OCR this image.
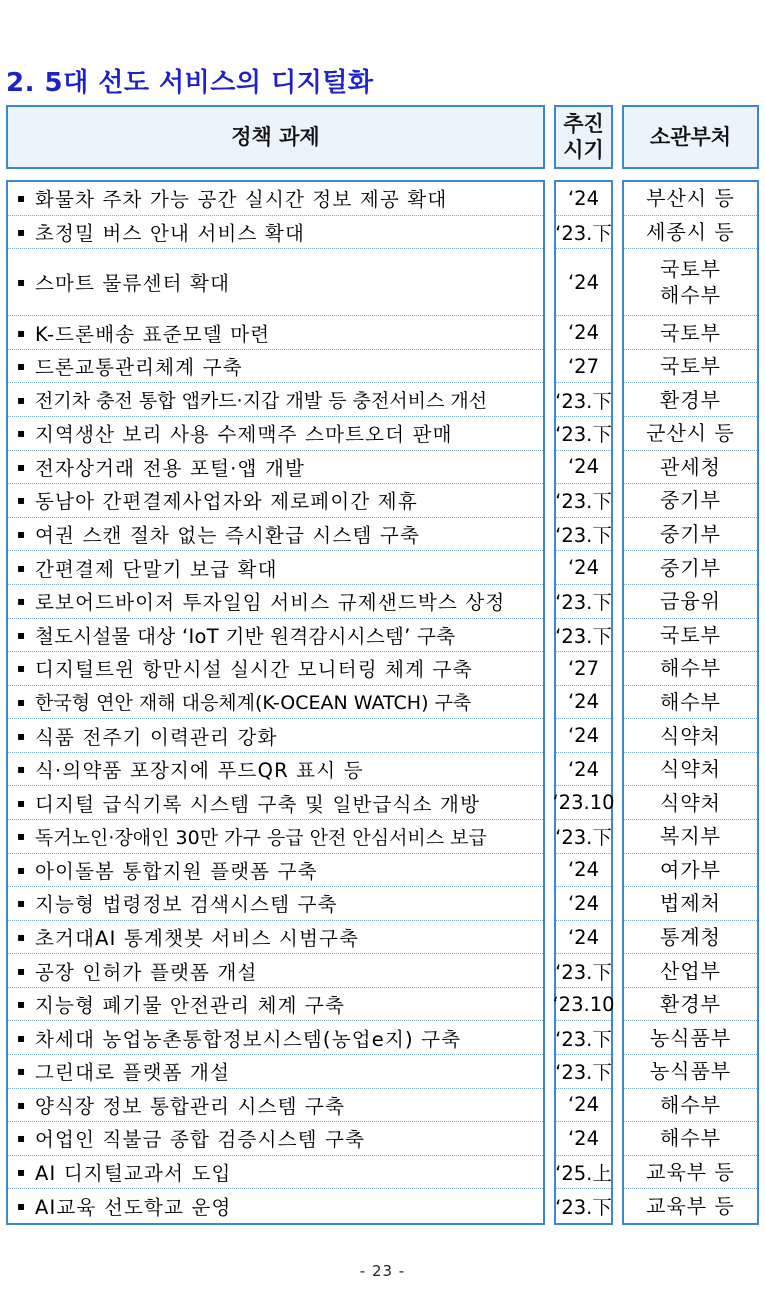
2. 5대 선도 서비스의 디지털화
정책 과제
추진
시기
소관부처
▪ 화물차 주차 가능 공간 실시간 정보 제공 확대
▪ 초정밀 버스 안내 서비스 확대
▪ 스마트 물류센터 확대
▪ K-드론배송 표준모델 마련
▪ 드론교통관리체계 구축
▪ 전기차 충전 통합 앱카드·지갑 개발 등 충전서비스 개선
▪ 지역생산 보리 사용 수제맥주 스마트오더 판매
▪ 전자상거래 전용 포털·앱 개발
▪ 동남아 간편결제사업자와 제로페이간 제휴
▪ 여권 스캔 절차 없는 즉시환급 시스템 구축
▪ 간편결제 단말기 보급 확대
▪ 로보어드바이저 투자일임 서비스 규제샌드박스 상정
▪ 철도시설물 대상 ‘IoT 기반 원격감시시스템’ 구축
▪ 디지털트윈 항만시설 실시간 모니터링 체계 구축
▪ 한국형 연안 재해 대응체계(K-OCEAN WATCH) 구축
▪ 식품 전주기 이력관리 강화
▪ 식·의약품 포장지에 푸드QR 표시 등
▪ 디지털 급식기록 시스템 구축 및 일반급식소 개방
▪ 독거노인·장애인 30만 가구 응급 안전 안심서비스 보급
▪ 아이돌봄 통합지원 플랫폼 구축
▪ 지능형 법령정보 검색시스템 구축
▪ 초거대AI 통계챗봇 서비스 시범구축
▪ 공장 인허가 플랫폼 개설
▪ 지능형 폐기물 안전관리 체계 구축
▪ 차세대 농업농촌통합정보시스템(농업e지) 구축
▪ 그린대로 플랫폼 개설
▪ 양식장 정보 통합관리 시스템 구축
▪ 어업인 직불금 종합 검증시스템 구축
▪ AI 디지털교과서 도입
▪ AI교육 선도학교 운영
‘24
‘23.下
‘24
‘24
‘27
‘23.下
‘23.下
‘24
‘23.下
‘23.下
‘24
‘23.下
‘23.下
‘27
‘24
‘24
‘24
‘23.10
‘23.下
‘24
‘24
‘24
‘23.下
‘23.10
‘23.下
‘23.下
‘24
‘24
‘25.上
‘23.下
부산시 등
세종시 등
국토부
해수부
국토부
국토부
환경부
군산시 등
관세청
중기부
중기부
중기부
금융위
국토부
해수부
해수부
식약처
식약처
식약처
복지부
여가부
법제처
통계청
산업부
환경부
농식품부
농식품부
해수부
해수부
교육부 등
교육부 등
- 23 -
